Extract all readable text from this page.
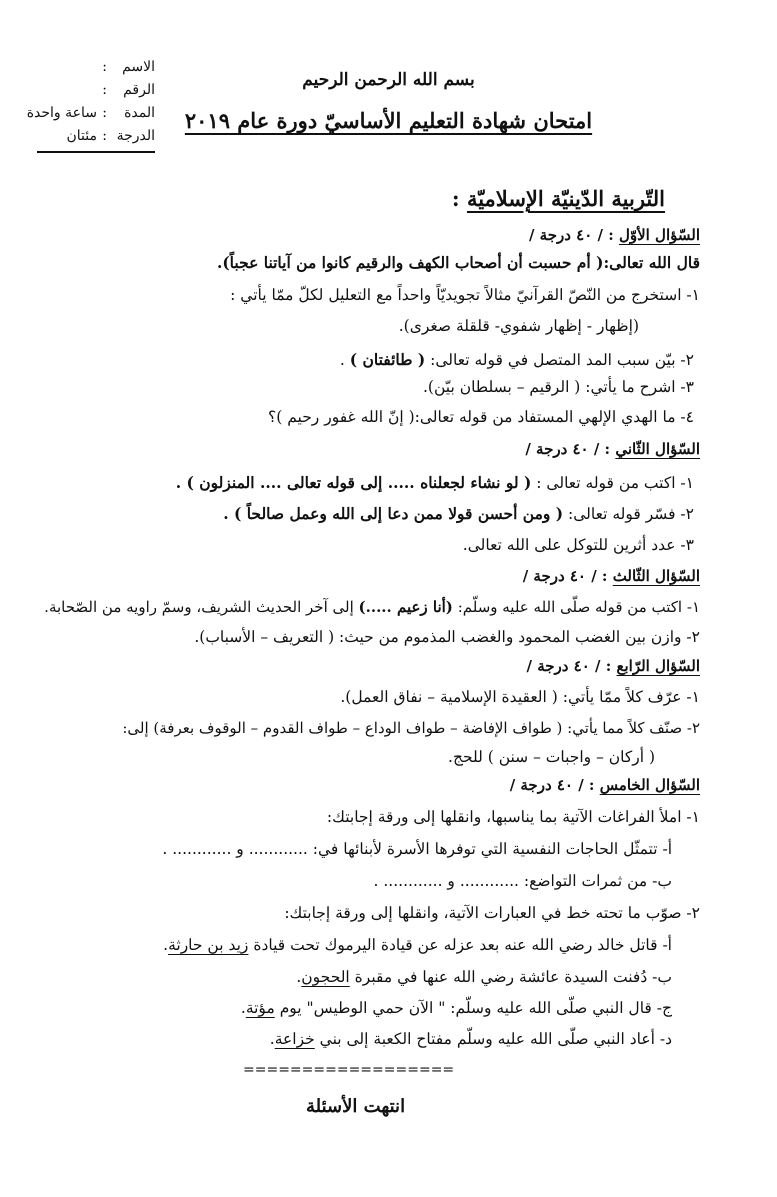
الاسم:
الرقم:
المدة:ساعة واحدة
الدرجة:مئتان
بسم الله الرحمن الرحيم
امتحان شهادة التعليم الأساسيّ دورة عام ٢٠١٩
التّربية الدّينيّة الإسلاميّة :
السّؤال الأوّل : / ٤٠ درجة /
قال الله تعالى:( أم حسبت أن أصحاب الكهف والرقيم كانوا من آياتنا عجباً).
١- استخرج من النّصّ القرآنيّ مثالاً تجويديّاً واحداً مع التعليل لكلّ ممّا يأتي :
(إظهار - إظهار شفوي- قلقلة صغرى).
٢- بيّن سبب المد المتصل في قوله تعالى: ( طائفتان ) .
٣- اشرح ما يأتي: ( الرقيم – بسلطان بيّن).
٤- ما الهدي الإلهي المستفاد من قوله تعالى:( إنّ الله غفور رحيم )؟
السّؤال الثّاني : / ٤٠ درجة /
١- اكتب من قوله تعالى : ( لو نشاء لجعلناه ..... إلى قوله تعالى .... المنزلون ) .
٢- فسّر قوله تعالى: ( ومن أحسن قولا ممن دعا إلى الله وعمل صالحاً ) .
٣- عدد أثرين للتوكل على الله تعالى.
السّؤال الثّالث : / ٤٠ درجة /
١- اكتب من قوله صلّى الله عليه وسلّم: (أنا زعيم .....) إلى آخر الحديث الشريف، وسمّ راويه من الصّحابة.
٢- وازن بين الغضب المحمود والغضب المذموم من حيث: ( التعريف – الأسباب).
السّؤال الرّابع : / ٤٠ درجة /
١- عرّف كلاً ممّا يأتي: ( العقيدة الإسلامية – نفاق العمل).
٢- صنّف كلاً مما يأتي: ( طواف الإفاضة – طواف الوداع – طواف القدوم – الوقوف بعرفة) إلى:
( أركان – واجبات – سنن ) للحج.
السّؤال الخامس : / ٤٠ درجة /
١- املأ الفراغات الآتية بما يناسبها، وانقلها إلى ورقة إجابتك:
أ- تتمثّل الحاجات النفسية التي توفرها الأسرة لأبنائها في: ............ و ............ .
ب- من ثمرات التواضع: ............ و ............ .
٢- صوّب ما تحته خط في العبارات الآتية، وانقلها إلى ورقة إجابتك:
أ- قاتل خالد رضي الله عنه بعد عزله عن قيادة اليرموك تحت قيادة زيد بن حارثة.
ب- دُفنت السيدة عائشة رضي الله عنها في مقبرة الحجون.
ج- قال النبي صلّى الله عليه وسلّم: " الآن حمي الوطيس" يوم مؤتة.
د- أعاد النبي صلّى الله عليه وسلّم مفتاح الكعبة إلى بني خزاعة.
==================
انتهت الأسئلة
